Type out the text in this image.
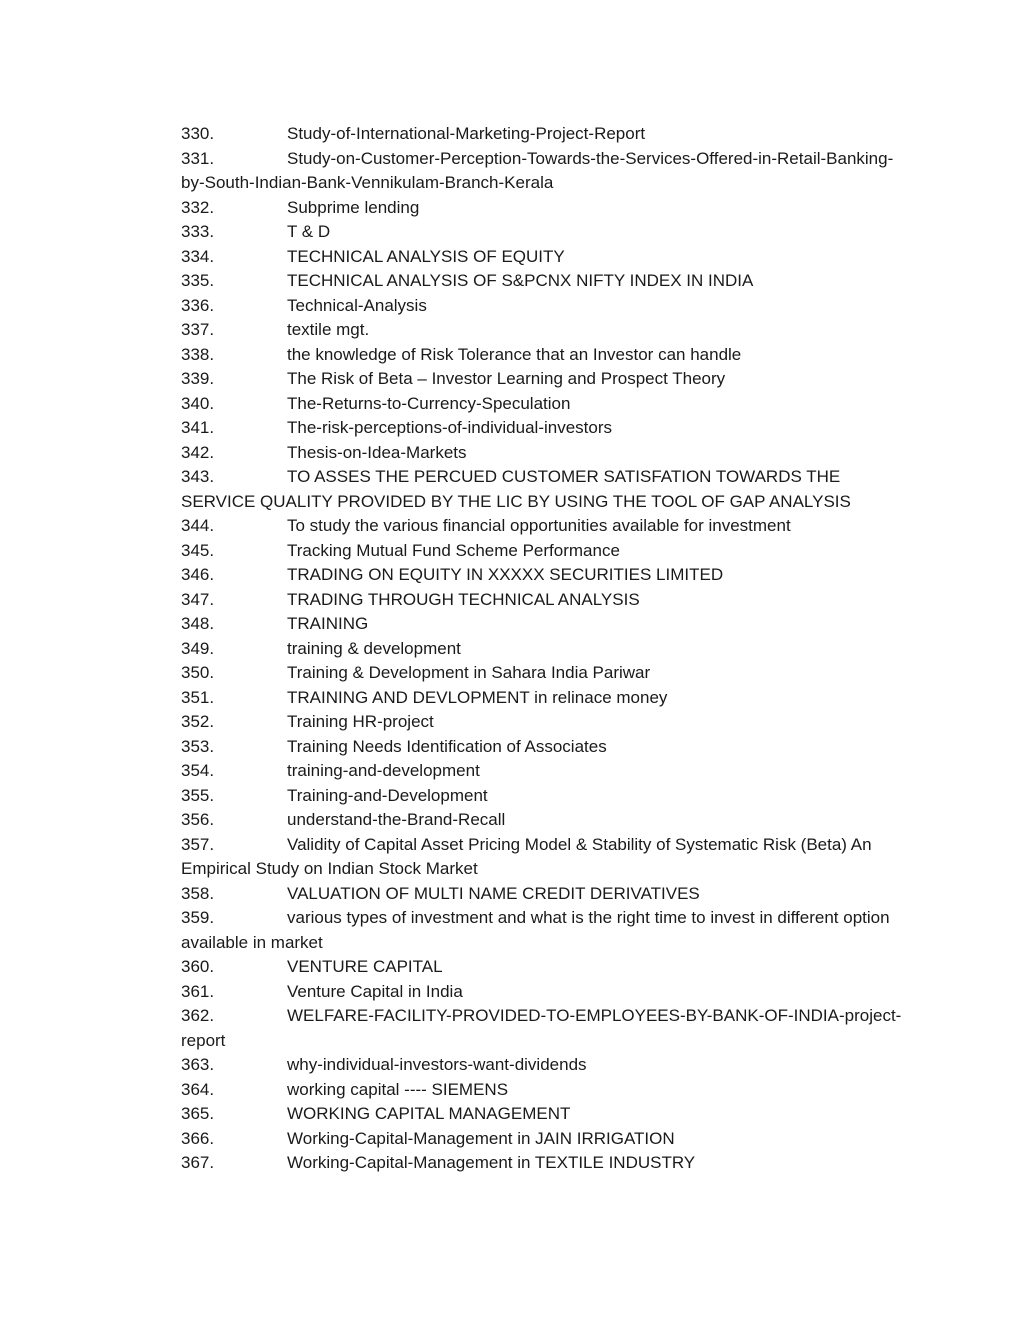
330.	Study-of-International-Marketing-Project-Report
331.	Study-on-Customer-Perception-Towards-the-Services-Offered-in-Retail-Banking-by-South-Indian-Bank-Vennikulam-Branch-Kerala
332.	Subprime lending
333.	T & D
334.	TECHNICAL ANALYSIS OF EQUITY
335.	TECHNICAL ANALYSIS OF S&PCNX NIFTY INDEX IN INDIA
336.	Technical-Analysis
337.	textile mgt.
338.	the knowledge of Risk Tolerance that an Investor can handle
339.	The Risk of Beta – Investor Learning and Prospect Theory
340.	The-Returns-to-Currency-Speculation
341.	The-risk-perceptions-of-individual-investors
342.	Thesis-on-Idea-Markets
343.	TO ASSES THE PERCUED CUSTOMER SATISFATION TOWARDS THE SERVICE QUALITY PROVIDED BY THE LIC BY USING THE TOOL OF GAP ANALYSIS
344.	To study the various financial opportunities available for investment
345.	Tracking Mutual Fund Scheme Performance
346.	TRADING ON EQUITY IN XXXXX SECURITIES LIMITED
347.	TRADING THROUGH TECHNICAL ANALYSIS
348.	TRAINING
349.	training & development
350.	Training & Development in Sahara India Pariwar
351.	TRAINING AND DEVLOPMENT in relinace money
352.	Training HR-project
353.	Training Needs Identification of Associates
354.	training-and-development
355.	Training-and-Development
356.	understand-the-Brand-Recall
357.	Validity of Capital Asset Pricing Model & Stability of Systematic Risk (Beta) An Empirical Study on Indian Stock Market
358.	VALUATION OF MULTI NAME CREDIT DERIVATIVES
359.	various types of investment and what is the right time to invest in different option available in market
360.	VENTURE CAPITAL
361.	Venture Capital in India
362.	WELFARE-FACILITY-PROVIDED-TO-EMPLOYEES-BY-BANK-OF-INDIA-project-report
363.	why-individual-investors-want-dividends
364.	working capital ---- SIEMENS
365.	WORKING CAPITAL MANAGEMENT
366.	Working-Capital-Management in JAIN IRRIGATION
367.	Working-Capital-Management in TEXTILE INDUSTRY
